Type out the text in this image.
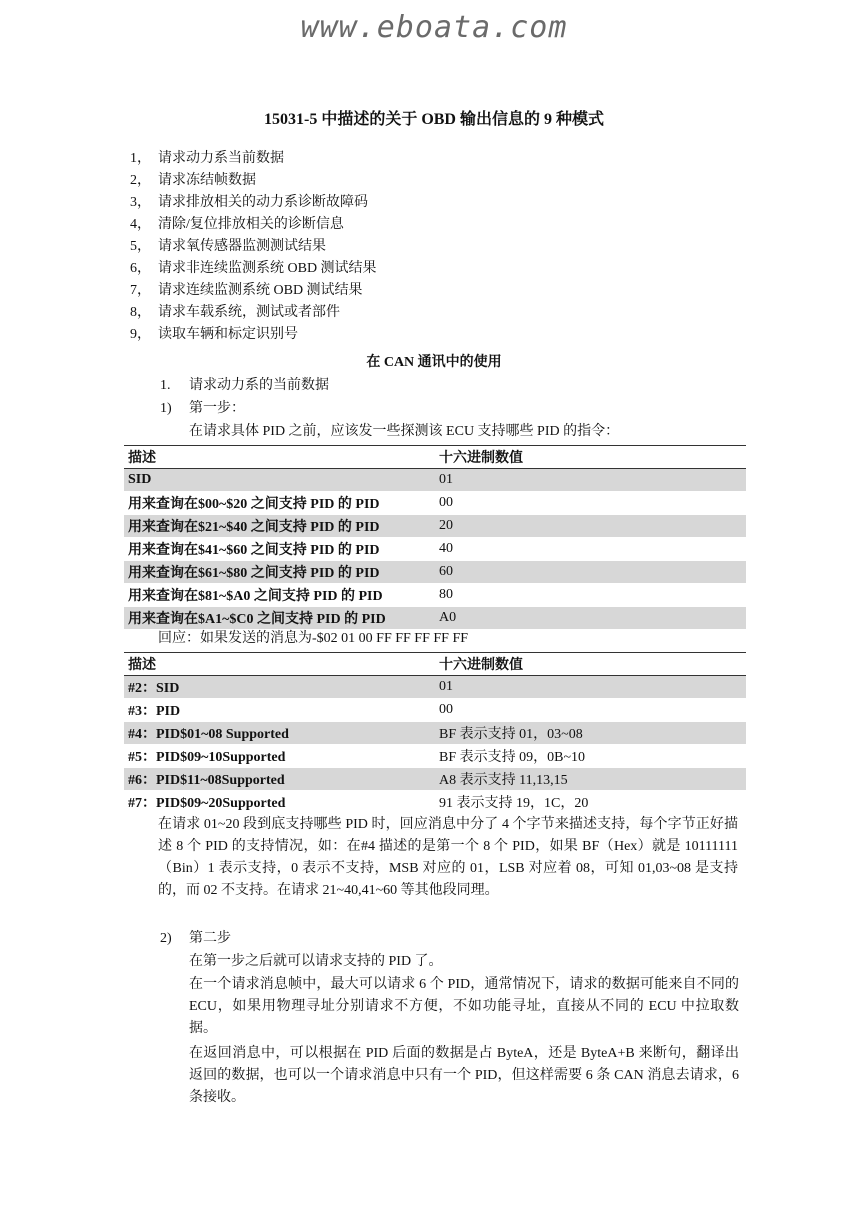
www.eboata.com
15031-5 中描述的关于 OBD 输出信息的 9 种模式
1， 请求动力系当前数据
2， 请求冻结帧数据
3， 请求排放相关的动力系诊断故障码
4， 清除/复位排放相关的诊断信息
5， 请求氧传感器监测测试结果
6， 请求非连续监测系统 OBD 测试结果
7， 请求连续监测系统 OBD 测试结果
8， 请求车载系统，测试或者部件
9， 读取车辆和标定识别号
在 CAN 通讯中的使用
1. 请求动力系的当前数据
1) 第一步：
在请求具体 PID 之前，应该发一些探测该 ECU 支持哪些 PID 的指令：
描述	十六进制数值
SID	01
用来查询在$00~$20 之间支持 PID 的 PID	00
用来查询在$21~$40 之间支持 PID 的 PID	20
用来查询在$41~$60 之间支持 PID 的 PID	40
用来查询在$61~$80 之间支持 PID 的 PID	60
用来查询在$81~$A0 之间支持 PID 的 PID	80
用来查询在$A1~$C0 之间支持 PID 的 PID	A0
回应：如果发送的消息为-$02 01 00 FF FF FF FF FF
描述	十六进制数值
#2：SID	01
#3：PID	00
#4：PID$01~08 Supported	BF 表示支持 01，03~08
#5：PID$09~10Supported	BF 表示支持 09，0B~10
#6：PID$11~08Supported	A8 表示支持 11,13,15
#7：PID$09~20Supported	91 表示支持 19，1C，20
在请求 01~20 段到底支持哪些 PID 时，回应消息中分了 4 个字节来描述支持，每个字节正好描述 8 个 PID 的支持情况，如：在#4 描述的是第一个 8 个 PID，如果 BF（Hex）就是 10111111（Bin）1 表示支持，0 表示不支持，MSB 对应的 01，LSB 对应着 08，可知 01,03~08 是支持的，而 02 不支持。在请求 21~40,41~60 等其他段同理。
2) 第二步
在第一步之后就可以请求支持的 PID 了。
在一个请求消息帧中，最大可以请求 6 个 PID，通常情况下，请求的数据可能来自不同的 ECU，如果用物理寻址分别请求不方便，不如功能寻址，直接从不同的 ECU 中拉取数据。
在返回消息中，可以根据在 PID 后面的数据是占 ByteA，还是 ByteA+B 来断句，翻译出返回的数据，也可以一个请求消息中只有一个 PID，但这样需要 6 条 CAN 消息去请求，6 条接收。
